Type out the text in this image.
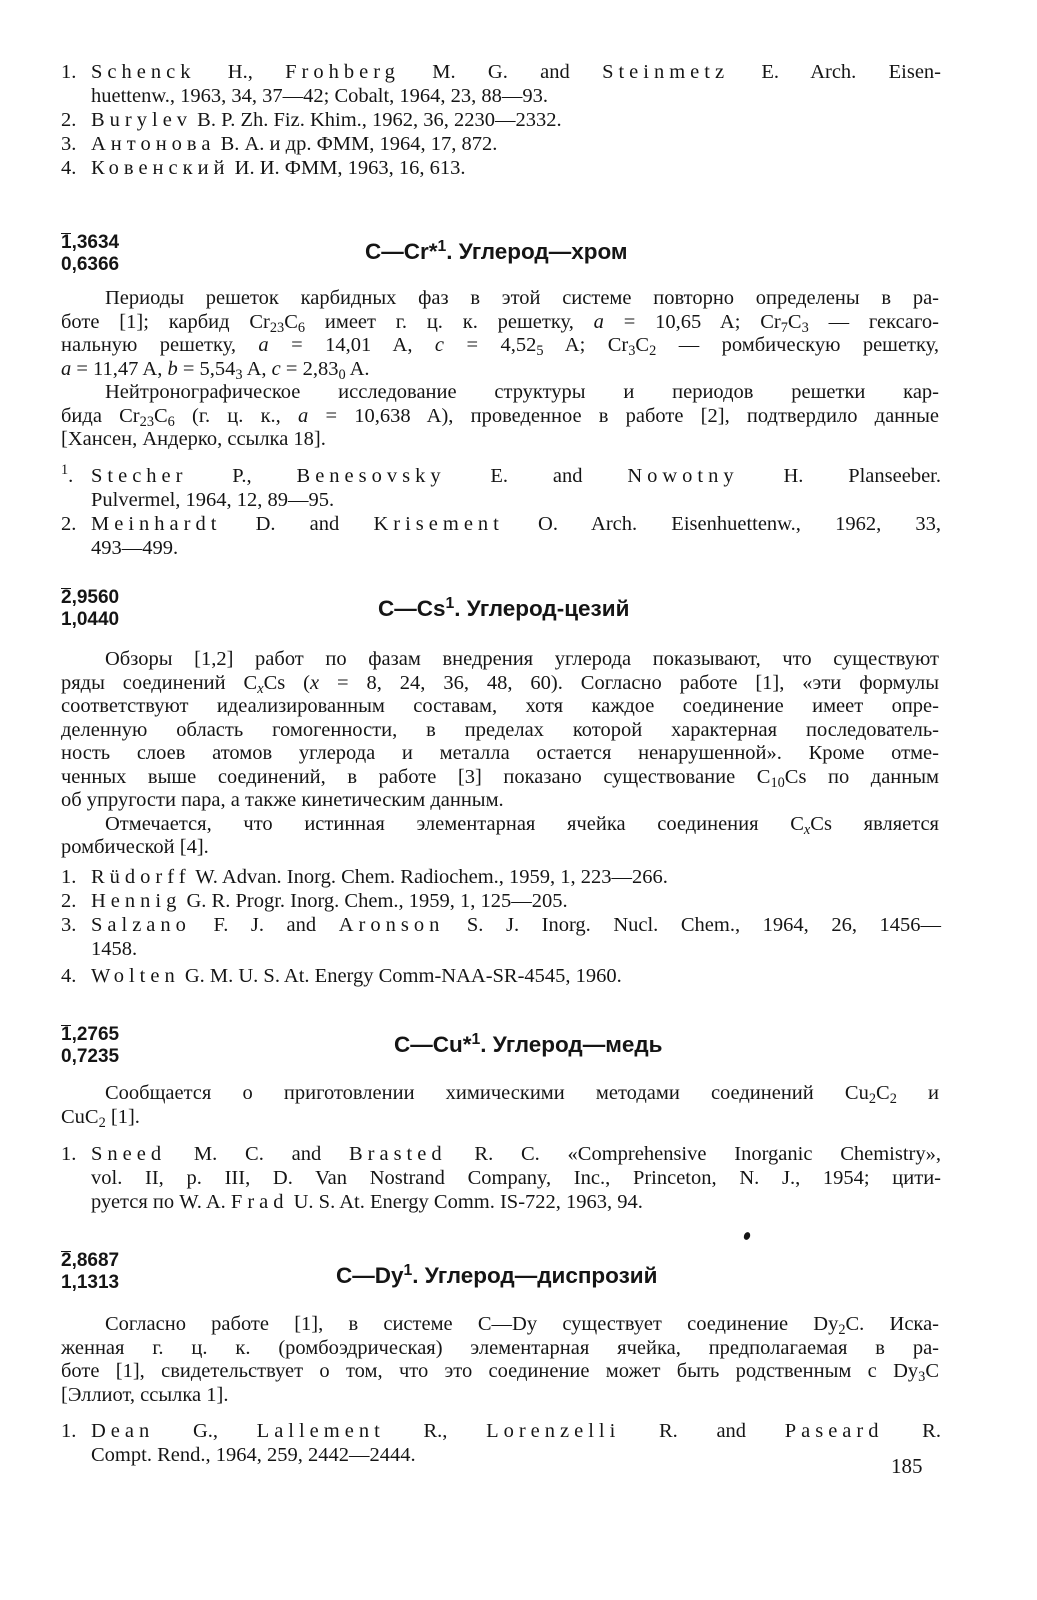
1. Schenck H., Frohberg M. G. and Steinmetz E. Arch. Eisen-
huettenw., 1963, 34, 37—42; Cobalt, 1964, 23, 88—93.
2. Burylev B. P. Zh. Fiz. Khim., 1962, 36, 2230—2332.
3. Антонова В. А. и др. ФММ, 1964, 17, 872.
4. Ковенский И. И. ФММ, 1963, 16, 613.
1,3634
0,6366
C—Cr*$^1$. Углерод—хром
Периоды решеток карбидных фаз в этой системе повторно определены в ра-
боте [1]; карбид $Cr_{23}C_6$ имеет г. ц. к. решетку, a = 10,65 A; $Cr_7C_3$ — гексаго-
нальную решетку, a = 14,01 A, $c = 4,52_5$ A; $Cr_3C_2$ — ромбическую решетку,
a = 11,47 A, $b = 5,54_3$ A, $c = 2,83_0$ A.
Нейтронографическое исследование структуры и периодов решетки кар-
бида $Cr_{23}C_6$ (г. ц. к., a = 10,638 A), проведенное в работе [2], подтвердило данные
[Хансен, Андерко, ссылка 18].
$^1$. Stecher P., Benesovsky E. and Nowotny H. Planseeber.
Pulvermel, 1964, 12, 89—95.
2. Meinhardt D. and Krisement O. Arch. Eisenhuettenw., 1962, 33,
493—499.
2,9560
1,0440	C—Cs$^1$. Углерод-цезий
Обзоры [1,2] работ по фазам внедрения углерода показывают, что существуют
ряды соединений $C_xCs$ (x = 8, 24, 36, 48, 60). Согласно работе [1], «эти формулы
соответствуют идеализированным составам, хотя каждое соединение имеет опре-
деленную область гомогенности, в пределах которой характерная последователь-
ность слоев атомов углерода и металла остается ненарушенной». Кроме отме-
ченных выше соединений, в работе [3] показано существование $C_{10}Cs$ по данным
об упругости пара, а также кинетическим данным.
Отмечается, что истинная элементарная ячейка соединения $C_xCs$ является
ромбической [4].
1. Rüdorff W. Advan. Inorg. Chem. Radiochem., 1959, 1, 223—266.
2. Hennig G. R. Progr. Inorg. Chem., 1959, 1, 125—205.
3. Salzano F. J. and Aronson S. J. Inorg. Nucl. Chem., 1964, 26, 1456—
1458.
4. Wolten G. M. U. S. At. Energy Comm-NAA-SR-4545, 1960.
1,2765
0,7235	C—Cu*$^1$. Углерод—медь
Сообщается о приготовлении химическими методами соединений $Cu_2C_2$ и
CuC$_2$ [1].
1. Sneed M. C. and Brasted R. C. «Comprehensive Inorganic Chemistry»,
vol. II, p. III, D. Van Nostrand Company, Inc., Princeton, N. J., 1954; цити-
руется по W. A. Frad U. S. At. Energy Comm. IS-722, 1963, 94.
2,8687
1,1313	C—Dy$^1$. Углерод—диспрозий
Согласно работе [1], в системе C—Dy существует соединение $Dy_2C$. Иска-
женная г. ц. к. (ромбоэдрическая) элементарная ячейка, предполагаемая в ра-
боте [1], свидетельствует о том, что это соединение может быть родственным с $Dy_3C$
[Эллиот, ссылка 1].
1. Dean G., Lallement R., Lorenzelli R. and Paseard R.
Compt. Rend., 1964, 259, 2442—2444.	185
